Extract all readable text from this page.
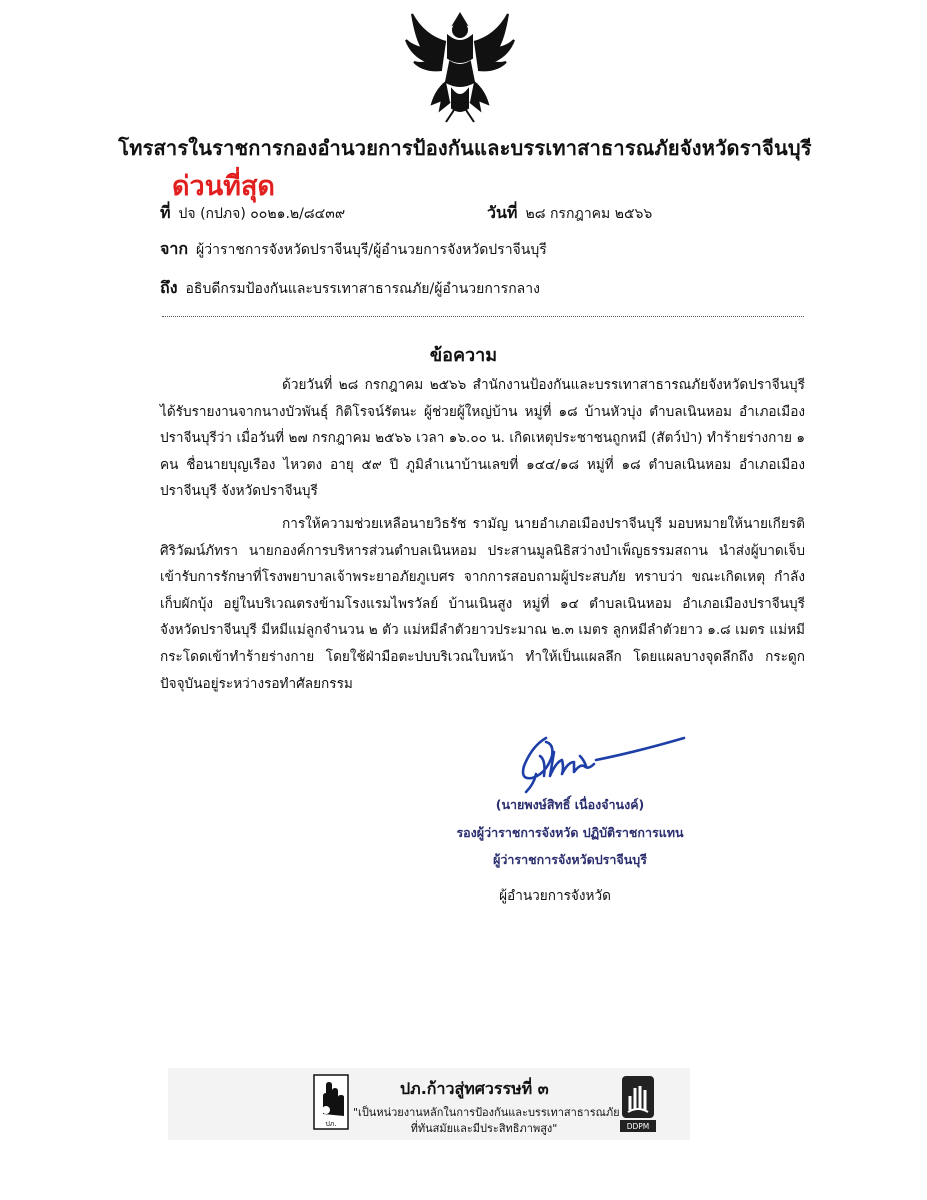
โทรสารในราชการกองอำนวยการป้องกันและบรรเทาสาธารณภัยจังหวัดราจีนบุรี
ด่วนที่สุด
ที่ ปจ (กปภจ) ๐๐๒๑.๒/๘๔๓๙	วันที่ ๒๘ กรกฎาคม ๒๕๖๖
จาก ผู้ว่าราชการจังหวัดปราจีนบุรี/ผู้อำนวยการจังหวัดปราจีนบุรี
ถึง อธิบดีกรมป้องกันและบรรเทาสาธารณภัย/ผู้อำนวยการกลาง
ข้อความ
ด้วยวันที่ ๒๘ กรกฎาคม ๒๕๖๖ สำนักงานป้องกันและบรรเทาสาธารณภัยจังหวัดปราจีนบุรี ได้รับรายงานจากนางบัวพันธุ์ กิติโรจน์รัตนะ ผู้ช่วยผู้ใหญ่บ้าน หมู่ที่ ๑๘ บ้านหัวบุ่ง ตำบลเนินหอม อำเภอเมืองปราจีนบุรีว่า เมื่อวันที่ ๒๗ กรกฎาคม ๒๕๖๖ เวลา ๑๖.๐๐ น. เกิดเหตุประชาชนถูกหมี (สัตว์ป่า) ทำร้ายร่างกาย ๑ คน ชื่อนายบุญเรือง ไหวตง อายุ ๕๙ ปี ภูมิลำเนาบ้านเลขที่ ๑๔๔/๑๘ หมู่ที่ ๑๘ ตำบลเนินหอม อำเภอเมืองปราจีนบุรี จังหวัดปราจีนบุรี
การให้ความช่วยเหลือนายวิธรัช รามัญ นายอำเภอเมืองปราจีนบุรี มอบหมายให้นายเกียรติ ศิริวัฒน์ภัทรา นายกองค์การบริหารส่วนตำบลเนินหอม ประสานมูลนิธิสว่างบำเพ็ญธรรมสถาน นำส่งผู้บาดเจ็บ เข้ารับการรักษาที่โรงพยาบาลเจ้าพระยาอภัยภูเบศร จากการสอบถามผู้ประสบภัย ทราบว่า ขณะเกิดเหตุ กำลังเก็บผักบุ้ง อยู่ในบริเวณตรงข้ามโรงแรมไพรวัลย์ บ้านเนินสูง หมู่ที่ ๑๔ ตำบลเนินหอม อำเภอเมืองปราจีนบุรี จังหวัดปราจีนบุรี มีหมีแม่ลูกจำนวน ๒ ตัว แม่หมีลำตัวยาวประมาณ ๒.๓ เมตร ลูกหมีลำตัวยาว ๑.๘ เมตร แม่หมีกระโดดเข้าทำร้ายร่างกาย โดยใช้ฝ่ามือตะปบบริเวณใบหน้า ทำให้เป็นแผลลึก โดยแผลบางจุดลึกถึง กระดูก ปัจจุบันอยู่ระหว่างรอทำศัลยกรรม
(นายพงษ์สิทธิ์ เนื่องจำนงค์)
รองผู้ว่าราชการจังหวัด ปฏิบัติราชการแทน
ผู้ว่าราชการจังหวัดปราจีนบุรี
ผู้อำนวยการจังหวัด
ปภ.
ปภ.ก้าวสู่ทศวรรษที่ ๓
"เป็นหน่วยงานหลักในการป้องกันและบรรเทาสาธารณภัย
ที่ทันสมัยและมีประสิทธิภาพสูง"	DDPM
